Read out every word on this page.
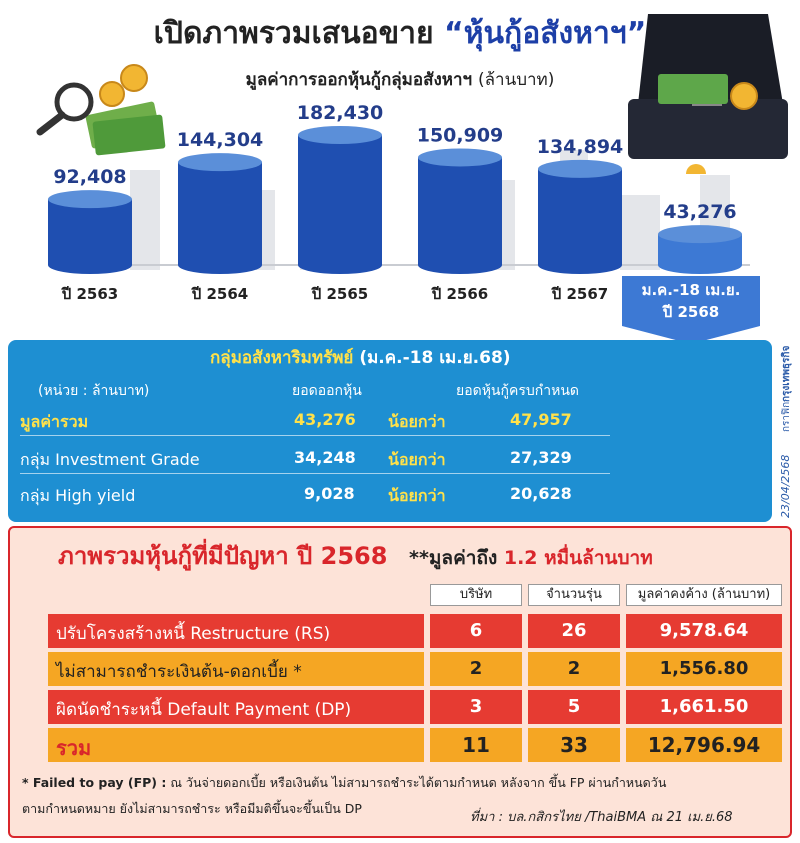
เปิดภาพรวมเสนอขาย “หุ้นกู้อสังหาฯ”
มูลค่าการออกหุ้นกู้กลุ่มอสังหาฯ (ล้านบาท)
92,408
ปี 2563
144,304
ปี 2564
182,430
ปี 2565
150,909
ปี 2566
134,894
ปี 2567
43,276
ม.ค.-18 เม.ย.
ปี 2568
กลุ่มอสังหาริมทรัพย์ (ม.ค.-18 เม.ย.68)
(หน่วย : ล้านบาท)	ยอดออกหุ้น	ยอดหุ้นกู้ครบกำหนด
มูลค่ารวม	43,276 น้อยกว่า	47,957
กลุ่ม Investment Grade	34,248 น้อยกว่า	27,329
กลุ่ม High yield	9,028 น้อยกว่า	20,628	23/04/2568
กราฟิก
กรุงเทพธุรกิจ
ภาพรวมหุ้นกู้ที่มีปัญหา ปี 2568 **มูลค่าถึง 1.2 หมื่นล้านบาท
บริษัท	จำนวนรุ่น	มูลค่าคงค้าง (ล้านบาท)
ปรับโครงสร้างหนี้ Restructure (RS)	6	26	9,578.64
ไม่สามารถชำระเงินต้น-ดอกเบี้ย *	2	2	1,556.80
ผิดนัดชำระหนี้ Default Payment (DP)	3	5	1,661.50
รวม	11	33	12,796.94
* Failed to pay (FP) : ณ วันจ่ายดอกเบี้ย หรือเงินต้น ไม่สามารถชำระได้ตามกำหนด หลังจาก ขึ้น FP ผ่านกำหนดวัน
ตามกำหนดหมาย ยังไม่สามารถชำระ หรือมีมติขึ้นจะขึ้นเป็น DP
ที่มา : บล.กสิกรไทย /ThaiBMA ณ 21 เม.ย.68
